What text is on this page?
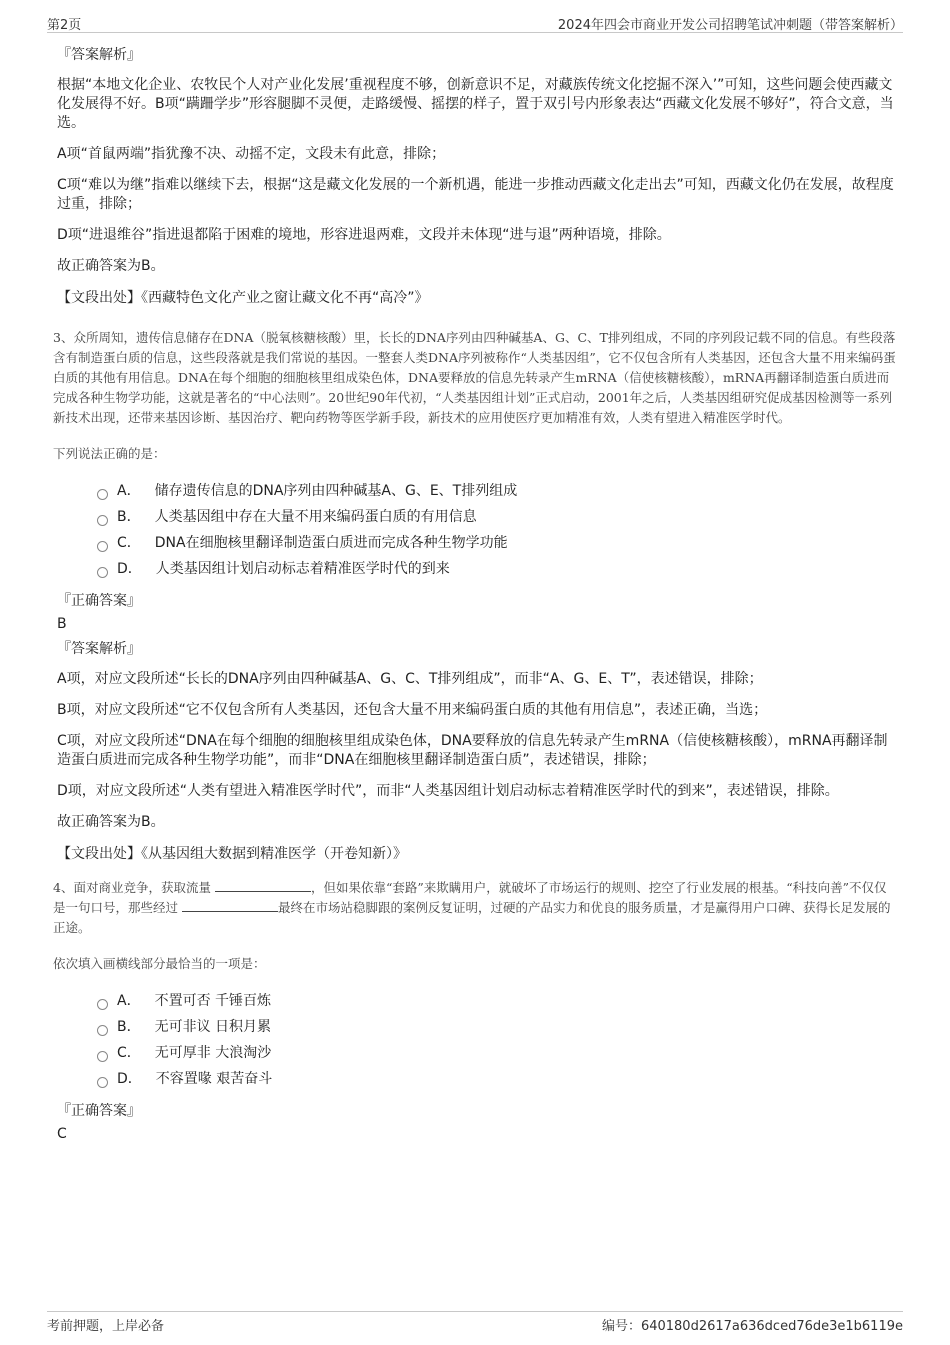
第2页	2024年四会市商业开发公司招聘笔试冲刺题（带答案解析）
『答案解析』

根据“本地文化企业、农牧民个人对产业化发展’重视程度不够，创新意识不足，对藏族传统文化挖掘不深入’”可知，这些问题会使西藏文化发展得不好。B项“蹒跚学步”形容腿脚不灵便，走路缓慢、摇摆的样子，置于双引号内形象表达“西藏文化发展不够好”，符合文意，当选。

A项“首鼠两端”指犹豫不决、动摇不定，文段未有此意，排除；

C项“难以为继”指难以继续下去，根据“这是藏文化发展的一个新机遇，能进一步推动西藏文化走出去”可知，西藏文化仍在发展，故程度过重，排除；

D项“进退维谷”指进退都陷于困难的境地，形容进退两难，文段并未体现“进与退”两种语境，排除。

故正确答案为B。

【文段出处】《西藏特色文化产业之窗让藏文化不再“高冷”》

3、众所周知，遗传信息储存在DNA（脱氧核糖核酸）里，长长的DNA序列由四种碱基A、G、C、T排列组成，不同的序列段记载不同的信息。有些段落含有制造蛋白质的信息，这些段落就是我们常说的基因。一整套人类DNA序列被称作“人类基因组”，它不仅包含所有人类基因，还包含大量不用来编码蛋白质的其他有用信息。DNA在每个细胞的细胞核里组成染色体，DNA要释放的信息先转录产生mRNA（信使核糖核酸），mRNA再翻译制造蛋白质进而完成各种生物学功能，这就是著名的“中心法则”。20世纪90年代初，“人类基因组计划”正式启动，2001年之后，人类基因组研究促成基因检测等一系列新技术出现，还带来基因诊断、基因治疗、靶向药物等医学新手段，新技术的应用使医疗更加精准有效，人类有望进入精准医学时代。

下列说法正确的是：

A． 储存遗传信息的DNA序列由四种碱基A、G、E、T排列组成
B． 人类基因组中存在大量不用来编码蛋白质的有用信息
C． DNA在细胞核里翻译制造蛋白质进而完成各种生物学功能
D． 人类基因组计划启动标志着精准医学时代的到来
『正确答案』
B
『答案解析』

A项，对应文段所述“长长的DNA序列由四种碱基A、G、C、T排列组成”，而非“A、G、E、T”，表述错误，排除；

B项，对应文段所述“它不仅包含所有人类基因，还包含大量不用来编码蛋白质的其他有用信息”，表述正确，当选；

C项，对应文段所述“DNA在每个细胞的细胞核里组成染色体，DNA要释放的信息先转录产生mRNA（信使核糖核酸），mRNA再翻译制造蛋白质进而完成各种生物学功能”，而非“DNA在细胞核里翻译制造蛋白质”，表述错误，排除；

D项，对应文段所述“人类有望进入精准医学时代”，而非“人类基因组计划启动标志着精准医学时代的到来”，表述错误，排除。

故正确答案为B。

【文段出处】《从基因组大数据到精准医学（开卷知新）》

4、面对商业竞争，获取流量	，但如果依靠“套路”来欺瞒用户，就破坏了市场运行的规则、挖空了行业发展的根基。“科技向善”不仅仅是一句口号，那些经过	最终在市场站稳脚跟的案例反复证明，过硬的产品实力和优良的服务质量，才是赢得用户口碑、获得长足发展的正途。

依次填入画横线部分最恰当的一项是：

A． 不置可否 千锤百炼
B． 无可非议 日积月累
C． 无可厚非 大浪淘沙
D． 不容置喙 艰苦奋斗
『正确答案』
C
考前押题，上岸必备	编号：640180d2617a636dced76de3e1b6119e
